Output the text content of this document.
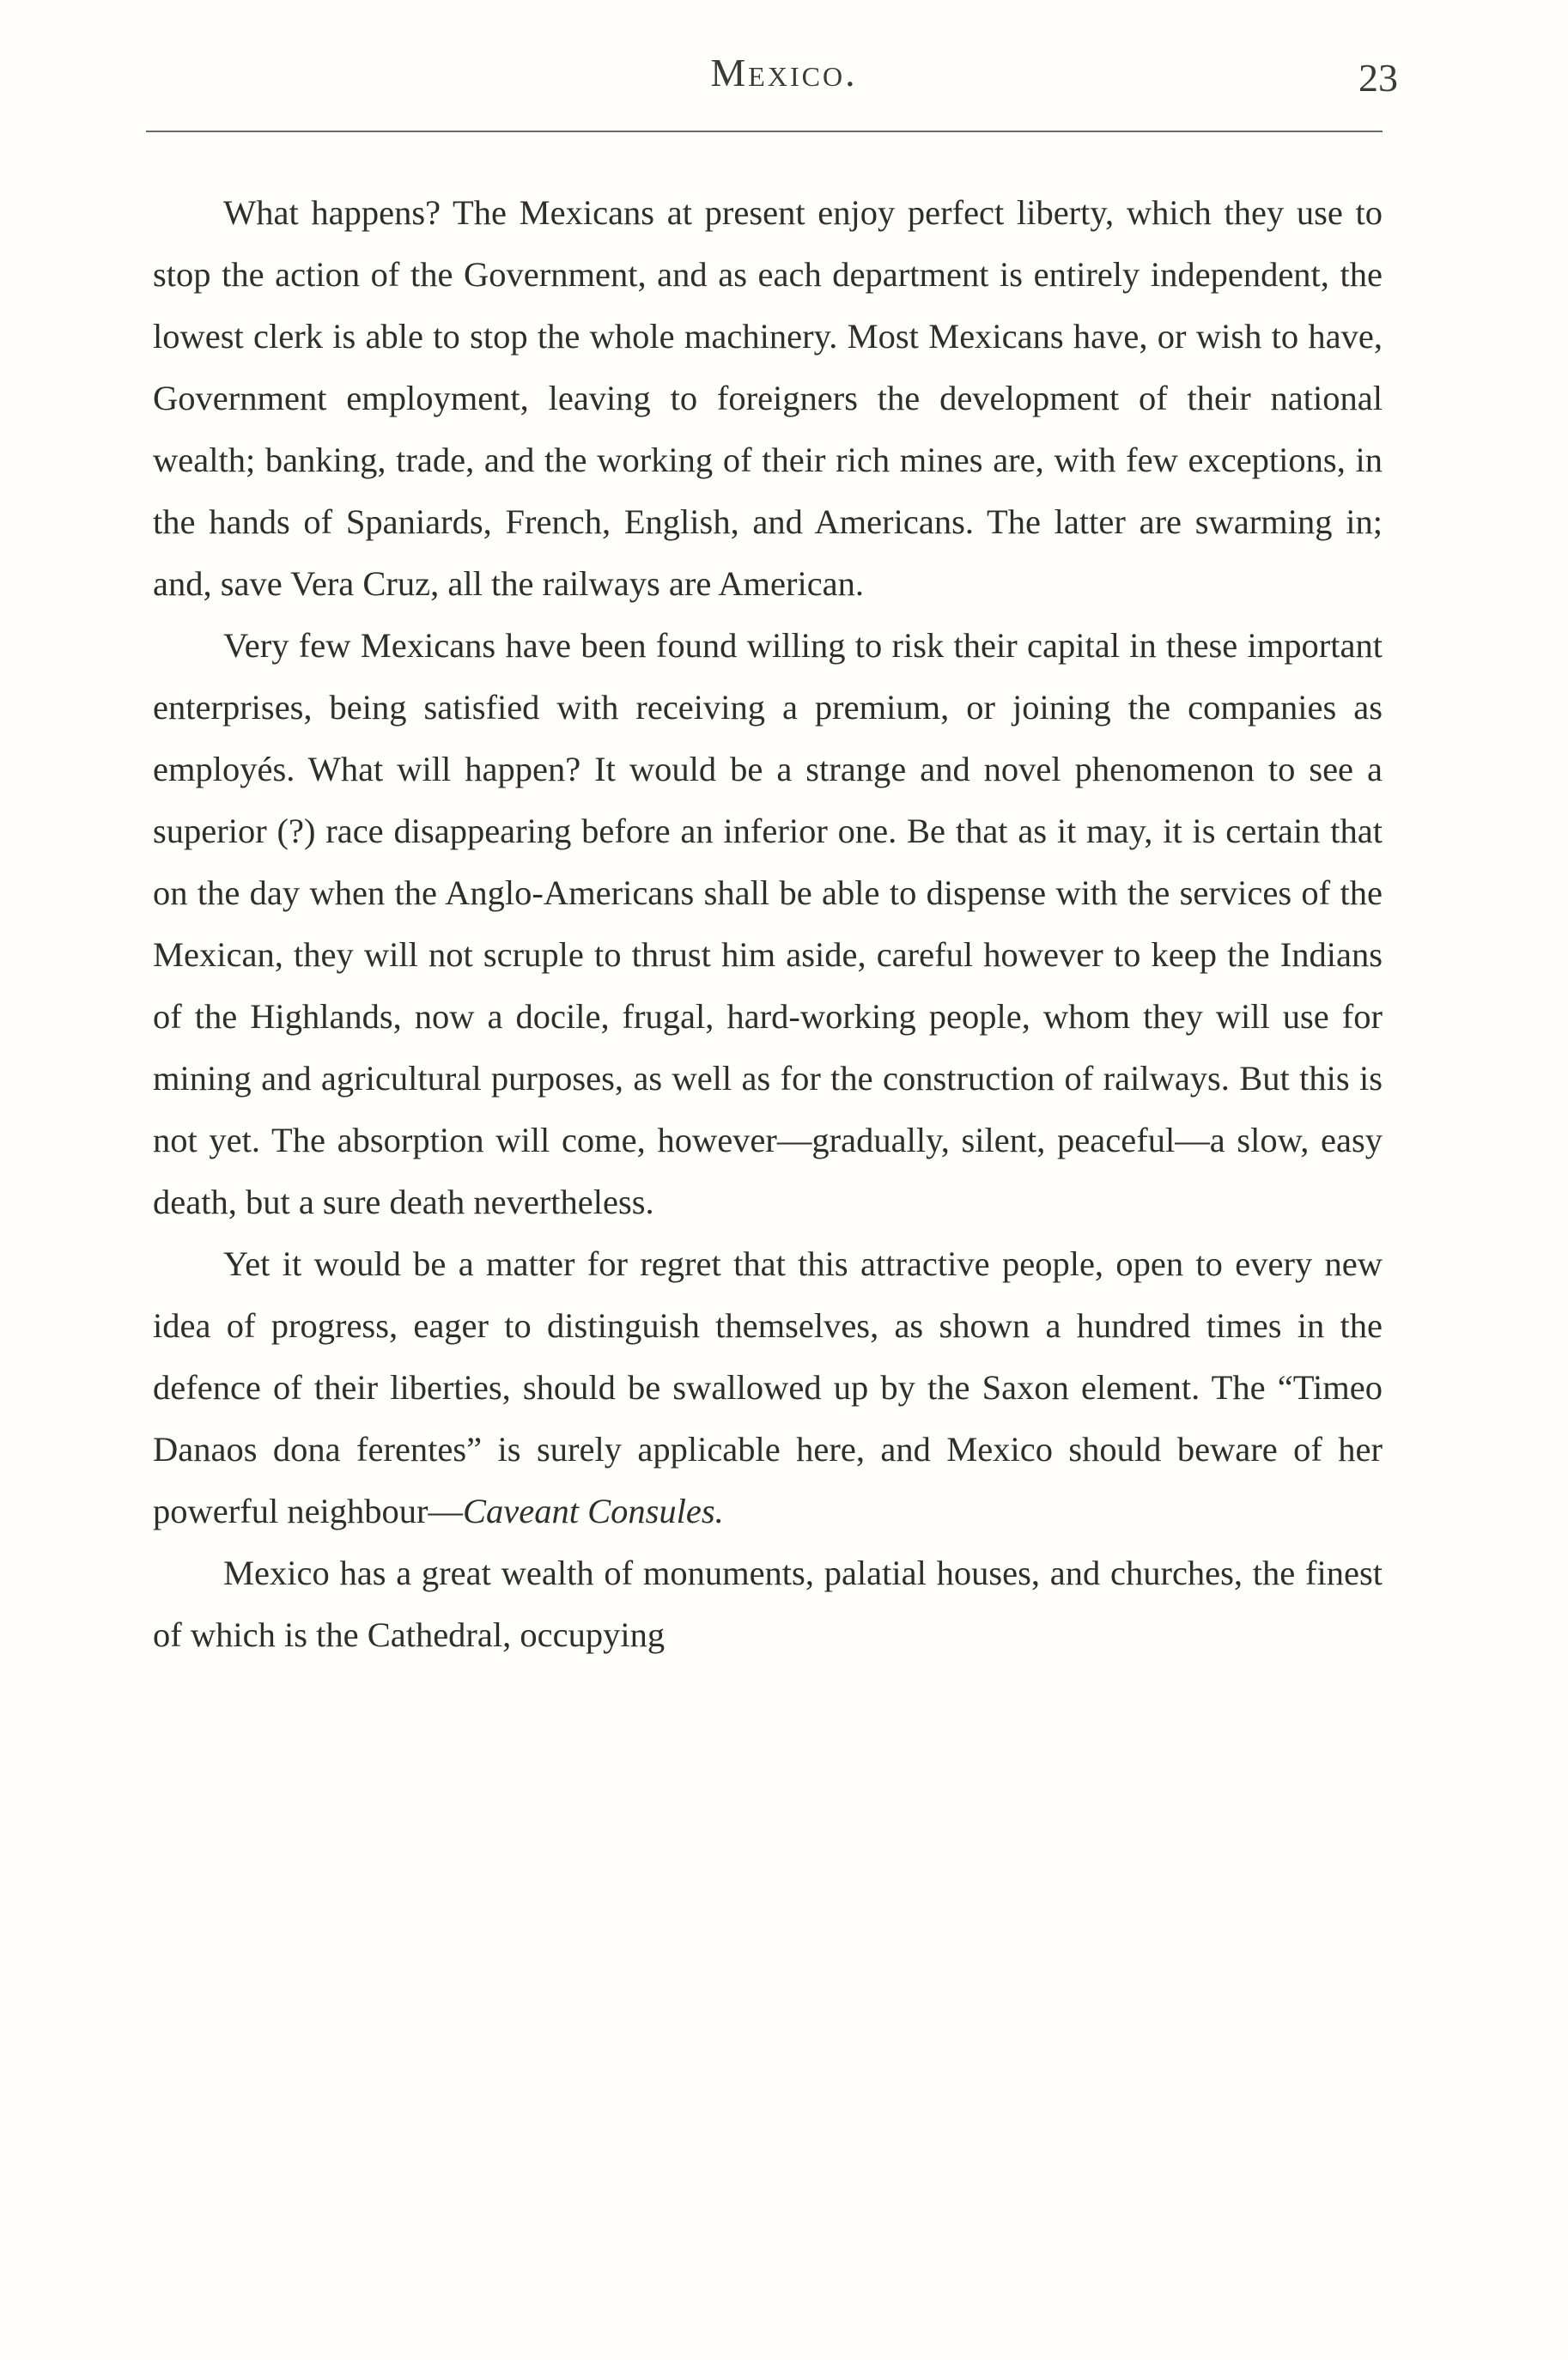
Mexico.	23

What happens? The Mexicans at present enjoy perfect liberty, which they use to stop the action of the Government, and as each department is entirely independent, the lowest clerk is able to stop the whole machinery. Most Mexicans have, or wish to have, Government employment, leaving to foreigners the development of their national wealth; banking, trade, and the working of their rich mines are, with few exceptions, in the hands of Spaniards, French, English, and Americans. The latter are swarming in; and, save Vera Cruz, all the railways are American.

Very few Mexicans have been found willing to risk their capital in these important enterprises, being satisfied with receiving a premium, or joining the companies as employés. What will happen? It would be a strange and novel phenomenon to see a superior (?) race disappearing before an inferior one. Be that as it may, it is certain that on the day when the Anglo-Americans shall be able to dispense with the services of the Mexican, they will not scruple to thrust him aside, careful however to keep the Indians of the Highlands, now a docile, frugal, hard-working people, whom they will use for mining and agricultural purposes, as well as for the construction of railways. But this is not yet. The absorption will come, however—gradually, silent, peaceful—a slow, easy death, but a sure death nevertheless.

Yet it would be a matter for regret that this attractive people, open to every new idea of progress, eager to distinguish themselves, as shown a hundred times in the defence of their liberties, should be swallowed up by the Saxon element. The “Timeo Danaos dona ferentes” is surely applicable here, and Mexico should beware of her powerful neighbour—Caveant Consules.

Mexico has a great wealth of monuments, palatial houses, and churches, the finest of which is the Cathedral, occupying
